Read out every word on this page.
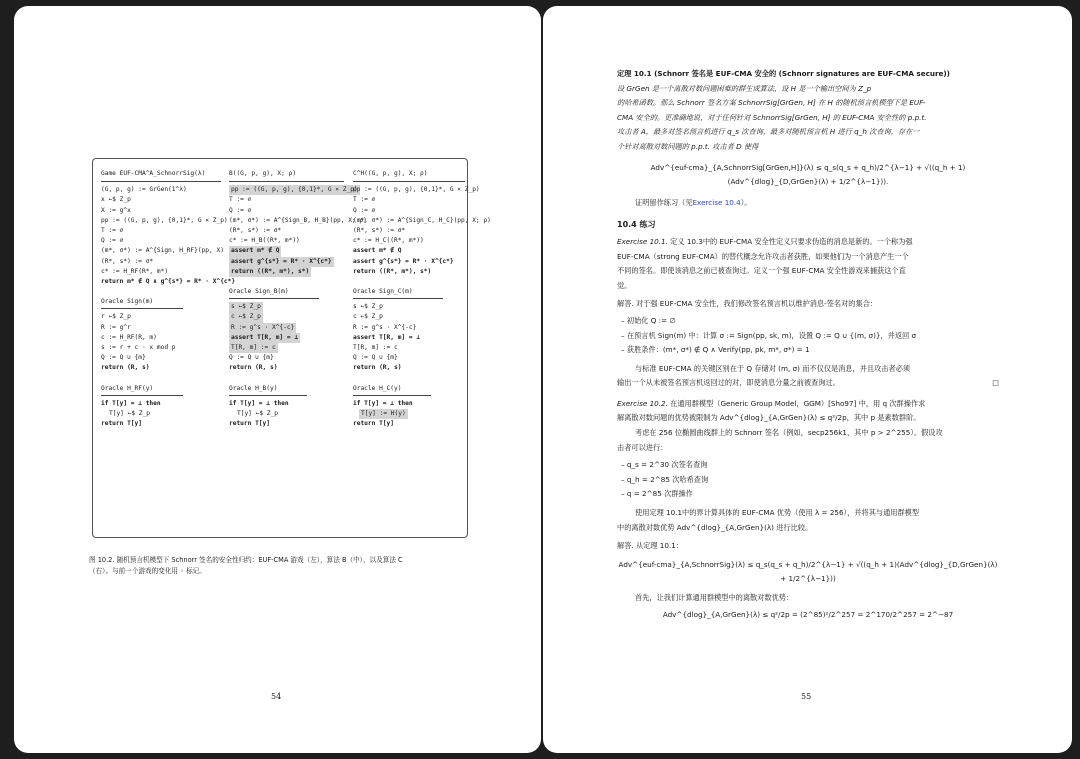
Game EUF-CMA^A_SchnorrSig(λ)
(G, p, g) := GrGen(1^λ)
x ←$ Z_p
X := g^x
pp := ((G, p, g), {0,1}*, G × Z_p)
T := ∅
Q := ∅
(m*, σ*) := A^{Sign, H_RF}(pp, X)
(R*, s*) := σ*
c* := H_RF(R*, m*)
return m* ∉ Q ∧ g^{s*} = R* · X^{c*}
Oracle Sign(m)
r ←$ Z_p
R := g^r
c := H_RF(R, m)
s := r + c · x mod p
Q := Q ∪ {m}
return (R, s)
Oracle H_RF(y)
if T[y] = ⊥ then
T[y] ←$ Z_p
return T[y]
B((G, p, g), X; ρ)
pp := ((G, p, g), {0,1}*, G × Z_p)
T := ∅
Q := ∅
(m*, σ*) := A^{Sign_B, H_B}(pp, X; ρ)
(R*, s*) := σ*
c* := H_B((R*, m*))
assert m* ∉ Q
assert g^{s*} = R* · X^{c*}
return ((R*, m*), s*)
Oracle Sign_B(m)
s ←$ Z_p
c ←$ Z_p
R := g^s · X^{-c}
assert T[R, m] = ⊥
T[R, m] := c
Q := Q ∪ {m}
return (R, s)
Oracle H_B(y)
if T[y] = ⊥ then
T[y] ←$ Z_p
return T[y]
C^H((G, p, g), X; ρ)
pp := ((G, p, g), {0,1}*, G × Z_p)
T := ∅
Q := ∅
(m*, σ*) := A^{Sign_C, H_C}(pp, X; ρ)
(R*, s*) := σ*
c* := H_C((R*, m*))
assert m* ∉ Q
assert g^{s*} = R* · X^{c*}
return ((R*, m*), s*)
Oracle Sign_C(m)
s ←$ Z_p
c ←$ Z_p
R := g^s · X^{-c}
assert T[R, m] = ⊥
T[R, m] := c
Q := Q ∪ {m}
return (R, s)
Oracle H_C(y)
if T[y] = ⊥ then
T[y] := H(y)
return T[y]
图 10.2. 随机预言机模型下 Schnorr 签名的安全性归约：EUF-CMA 游戏（左），算法 B（中），以及算法 C
（右）。与前一个游戏的变化用 ◦ 标记。
54
定理 10.1 (Schnorr 签名是 EUF-CMA 安全的 (Schnorr signatures are EUF-CMA secure))
设 GrGen 是一个离散对数问题困难的群生成算法，设 H 是一个输出空间为 Z_p
的哈希函数。那么 Schnorr 签名方案 SchnorrSig[GrGen, H] 在 H 的随机预言机模型下是 EUF-
CMA 安全的。更准确地说，对于任何针对 SchnorrSig[GrGen, H] 的 EUF-CMA 安全性的 p.p.t.
攻击者 A，最多对签名预言机进行 q_s 次查询，最多对随机预言机 H 进行 q_h 次查询，存在一
个针对离散对数问题的 p.p.t. 攻击者 D 使得
Adv^{euf-cma}_{A,SchnorrSig[GrGen,H]}(λ) ≤ q_s(q_s + q_h)/2^{λ−1} + √((q_h + 1)(Adv^{dlog}_{D,GrGen}(λ) + 1/2^{λ−1})).
证明留作练习（见Exercise 10.4）。
10.4 练习
Exercise 10.1. 定义 10.3中的 EUF-CMA 安全性定义只要求伪造的消息是新的。一个称为强
EUF-CMA（strong EUF-CMA）的替代概念允许攻击者获胜，如果他们为一个消息产生一个
不同的签名。即使该消息之前已被查询过。定义一个强 EUF-CMA 安全性游戏来捕获这个直
觉。
解答. 对于强 EUF-CMA 安全性，我们修改签名预言机以维护消息-签名对的集合：
– 初始化 Q := ∅
– 在预言机 Sign(m) 中：计算 σ := Sign(pp, sk, m)，设置 Q := Q ∪ {(m, σ)}，并返回 σ
– 获胜条件：(m*, σ*) ∉ Q ∧ Verify(pp, pk, m*, σ*) = 1
与标准 EUF-CMA 的关键区别在于 Q 存储对 (m, σ) 而不仅仅是消息，并且攻击者必须
输出一个从未被签名预言机返回过的对，即使消息分量之前被查询过。	□
Exercise 10.2. 在通用群模型（Generic Group Model，GGM）[Sho97] 中，用 q 次群操作求
解离散对数问题的优势被限制为 Adv^{dlog}_{A,GrGen}(λ) ≤ q²/2p，其中 p 是素数群阶。
考虑在 256 位椭圆曲线群上的 Schnorr 签名（例如，secp256k1，其中 p > 2^255）。假设攻
击者可以进行：
– q_s = 2^30 次签名查询
– q_h = 2^85 次哈希查询
– q = 2^85 次群操作
使用定理 10.1中的界计算具体的 EUF-CMA 优势（使用 λ = 256），并将其与通用群模型
中的离散对数优势 Adv^{dlog}_{A,GrGen}(λ) 进行比较。
解答. 从定理 10.1：
Adv^{euf-cma}_{A,SchnorrSig}(λ) ≤ q_s(q_s + q_h)/2^{λ−1} + √((q_h + 1)(Adv^{dlog}_{D,GrGen}(λ) + 1/2^{λ−1}))
首先，让我们计算通用群模型中的离散对数优势：
Adv^{dlog}_{A,GrGen}(λ) ≤ q²/2p = (2^85)²/2^257 = 2^170/2^257 = 2^−87
55
